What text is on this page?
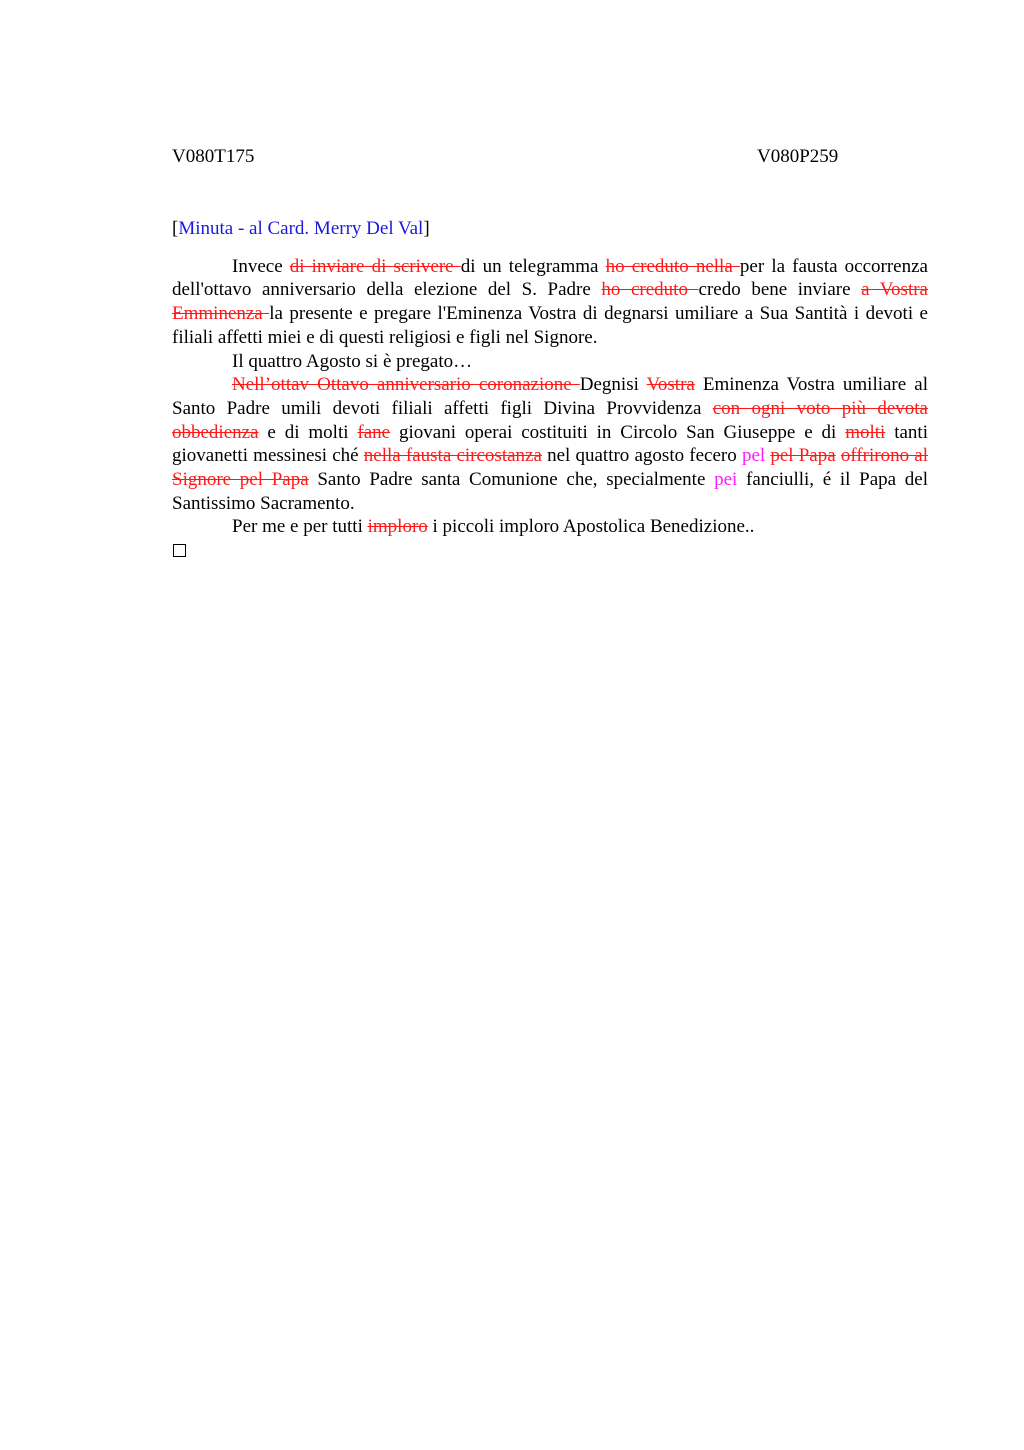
V080T175	V080P259
[Minuta - al Card. Merry Del Val]

Invece di inviare di scrivere di un telegramma ho creduto nella per la fausta occorrenza dell'ottavo anniversario della elezione del S. Padre ho creduto credo bene inviare a Vostra Emminenza la presente e pregare l'Eminenza Vostra di degnarsi umiliare a Sua Santità i devoti e filiali affetti miei e di questi religiosi e figli nel Signore.

Il quattro Agosto si è pregato…

Nell’ottav Ottavo anniversario coronazione Degnisi Vostra Eminenza Vostra umiliare al Santo Padre umili devoti filiali affetti figli Divina Provvidenza con ogni voto più devota obbedienza e di molti fane giovani operai costituiti in Circolo San Giuseppe e di molti tanti giovanetti messinesi ché nella fausta circostanza nel quattro agosto fecero pel pel Papa offrirono al Signore pel Papa Santo Padre santa Comunione che, specialmente pei fanciulli, é il Papa del Santissimo Sacramento.

Per me e per tutti imploro i piccoli imploro Apostolica Benedizione..
